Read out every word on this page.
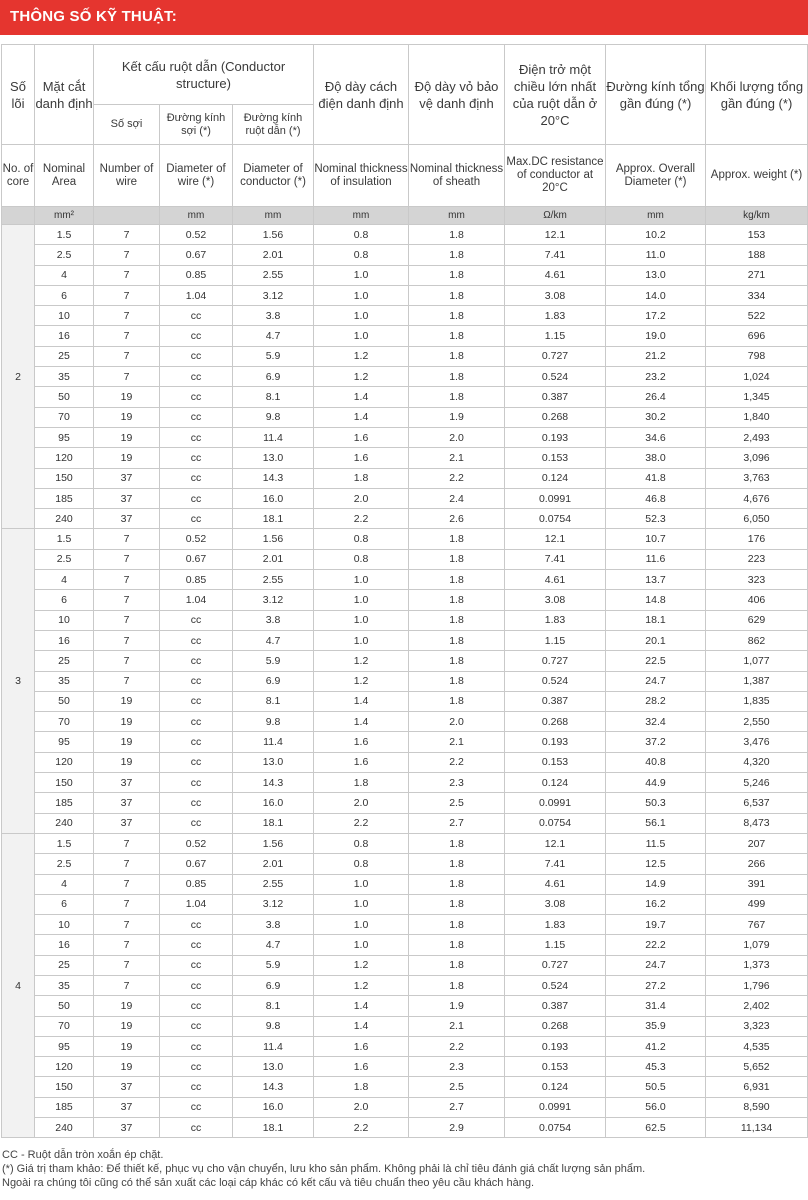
THÔNG SỐ KỸ THUẬT:
Số lõi	Mặt cắt danh định	Kết cấu ruột dẫn (Conductor structure)			Độ dày cách điện danh định	Độ dày vỏ bảo vệ danh định	Điện trở một chiều lớn nhất của ruột dẫn ở 20°C	Đường kính tổng gần đúng (*)	Khối lượng tổng gần đúng (*)
		Số sợi	Đường kính sợi (*)	Đường kính ruột dẫn (*)					
No. of core	Nominal Area	Number of wire	Diameter of wire (*)	Diameter of conductor (*)	Nominal thickness of insulation	Nominal thickness of sheath	Max.DC resistance of conductor at 20°C	Approx. Overall Diameter (*)	Approx. weight (*)
	mm²		mm	mm	mm	mm	Ω/km	mm	kg/km
2	1.5	7	0.52	1.56	0.8	1.8	12.1	10.2	153
	2.5	7	0.67	2.01	0.8	1.8	7.41	11.0	188
	4	7	0.85	2.55	1.0	1.8	4.61	13.0	271
	6	7	1.04	3.12	1.0	1.8	3.08	14.0	334
	10	7	cc	3.8	1.0	1.8	1.83	17.2	522
	16	7	cc	4.7	1.0	1.8	1.15	19.0	696
	25	7	cc	5.9	1.2	1.8	0.727	21.2	798
	35	7	cc	6.9	1.2	1.8	0.524	23.2	1,024
	50	19	cc	8.1	1.4	1.8	0.387	26.4	1,345
	70	19	cc	9.8	1.4	1.9	0.268	30.2	1,840
	95	19	cc	11.4	1.6	2.0	0.193	34.6	2,493
	120	19	cc	13.0	1.6	2.1	0.153	38.0	3,096
	150	37	cc	14.3	1.8	2.2	0.124	41.8	3,763
	185	37	cc	16.0	2.0	2.4	0.0991	46.8	4,676
	240	37	cc	18.1	2.2	2.6	0.0754	52.3	6,050
3	1.5	7	0.52	1.56	0.8	1.8	12.1	10.7	176
	2.5	7	0.67	2.01	0.8	1.8	7.41	11.6	223
	4	7	0.85	2.55	1.0	1.8	4.61	13.7	323
	6	7	1.04	3.12	1.0	1.8	3.08	14.8	406
	10	7	cc	3.8	1.0	1.8	1.83	18.1	629
	16	7	cc	4.7	1.0	1.8	1.15	20.1	862
	25	7	cc	5.9	1.2	1.8	0.727	22.5	1,077
	35	7	cc	6.9	1.2	1.8	0.524	24.7	1,387
	50	19	cc	8.1	1.4	1.8	0.387	28.2	1,835
	70	19	cc	9.8	1.4	2.0	0.268	32.4	2,550
	95	19	cc	11.4	1.6	2.1	0.193	37.2	3,476
	120	19	cc	13.0	1.6	2.2	0.153	40.8	4,320
	150	37	cc	14.3	1.8	2.3	0.124	44.9	5,246
	185	37	cc	16.0	2.0	2.5	0.0991	50.3	6,537
	240	37	cc	18.1	2.2	2.7	0.0754	56.1	8,473
4	1.5	7	0.52	1.56	0.8	1.8	12.1	11.5	207
	2.5	7	0.67	2.01	0.8	1.8	7.41	12.5	266
	4	7	0.85	2.55	1.0	1.8	4.61	14.9	391
	6	7	1.04	3.12	1.0	1.8	3.08	16.2	499
	10	7	cc	3.8	1.0	1.8	1.83	19.7	767
	16	7	cc	4.7	1.0	1.8	1.15	22.2	1,079
	25	7	cc	5.9	1.2	1.8	0.727	24.7	1,373
	35	7	cc	6.9	1.2	1.8	0.524	27.2	1,796
	50	19	cc	8.1	1.4	1.9	0.387	31.4	2,402
	70	19	cc	9.8	1.4	2.1	0.268	35.9	3,323
	95	19	cc	11.4	1.6	2.2	0.193	41.2	4,535
	120	19	cc	13.0	1.6	2.3	0.153	45.3	5,652
	150	37	cc	14.3	1.8	2.5	0.124	50.5	6,931
	185	37	cc	16.0	2.0	2.7	0.0991	56.0	8,590
	240	37	cc	18.1	2.2	2.9	0.0754	62.5	11,134
CC - Ruột dẫn tròn xoắn ép chặt.
(*) Giá trị tham khảo: Để thiết kế, phục vụ cho vận chuyển, lưu kho sản phẩm. Không phải là chỉ tiêu đánh giá chất lượng sản phẩm.
Ngoài ra chúng tôi cũng có thể sản xuất các loại cáp khác có kết cấu và tiêu chuẩn theo yêu cầu khách hàng.
